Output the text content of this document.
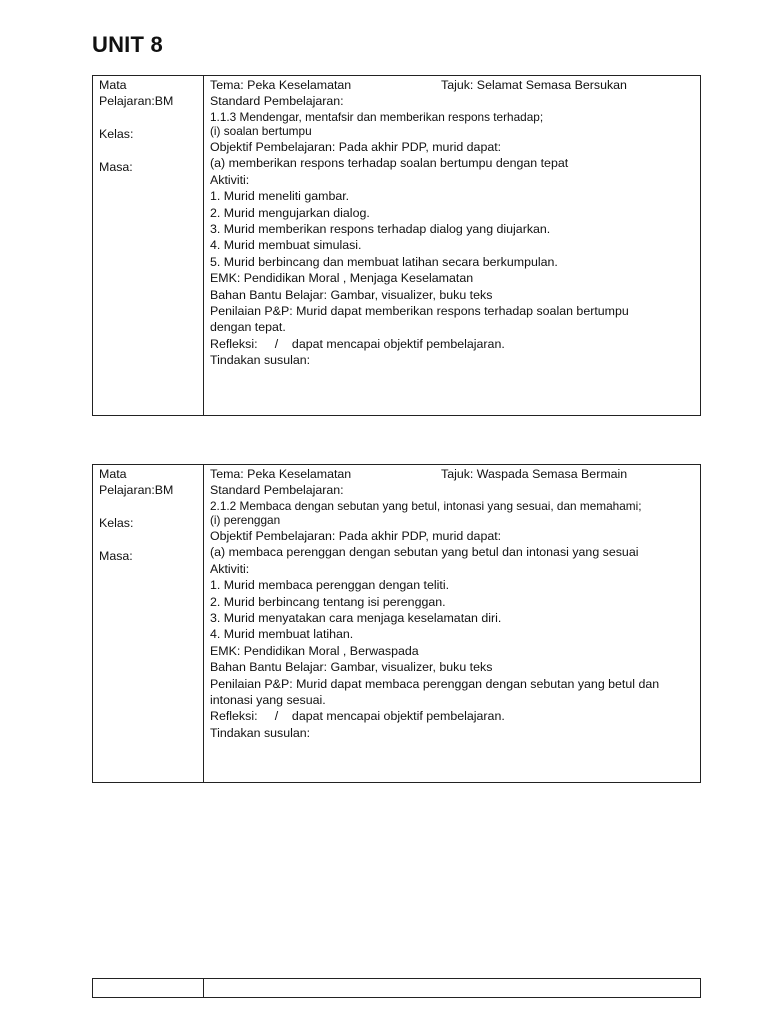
UNIT 8

Mata

Pelajaran:BM

Kelas:

Masa:

Tema: Peka Keselamatan	Tajuk: Selamat Semasa Bersukan

Standard Pembelajaran:

1.1.3 Mendengar, mentafsir dan memberikan respons terhadap;

(i) soalan bertumpu

Objektif Pembelajaran: Pada akhir PDP, murid dapat:

(a) memberikan respons terhadap soalan bertumpu dengan tepat

Aktiviti:

1. Murid meneliti gambar.

2. Murid mengujarkan dialog.

3. Murid memberikan respons terhadap dialog yang diujarkan.

4. Murid membuat simulasi.

5. Murid berbincang dan membuat latihan secara berkumpulan.

EMK: Pendidikan Moral , Menjaga Keselamatan

Bahan Bantu Belajar: Gambar, visualizer, buku teks

Penilaian P&P: Murid dapat memberikan respons terhadap soalan bertumpu

dengan tepat.

Refleksi:     /    dapat mencapai objektif pembelajaran.

Tindakan susulan:

Mata

Pelajaran:BM

Kelas:

Masa:

Tema: Peka Keselamatan	Tajuk: Waspada Semasa Bermain

Standard Pembelajaran:

2.1.2 Membaca dengan sebutan yang betul, intonasi yang sesuai, dan memahami;

(i) perenggan

Objektif Pembelajaran: Pada akhir PDP, murid dapat:

(a) membaca perenggan dengan sebutan yang betul dan intonasi yang sesuai

Aktiviti:

1. Murid membaca perenggan dengan teliti.

2. Murid berbincang tentang isi perenggan.

3. Murid menyatakan cara menjaga keselamatan diri.

4. Murid membuat latihan.

EMK: Pendidikan Moral , Berwaspada

Bahan Bantu Belajar: Gambar, visualizer, buku teks

Penilaian P&P: Murid dapat membaca perenggan dengan sebutan yang betul dan

intonasi yang sesuai.

Refleksi:     /    dapat mencapai objektif pembelajaran.

Tindakan susulan:
